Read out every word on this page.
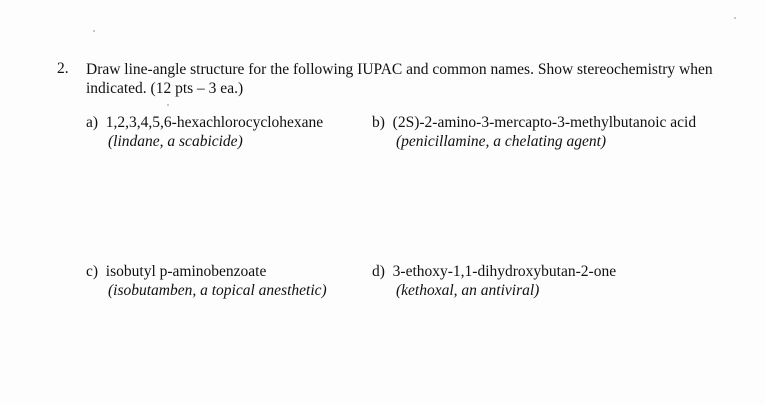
2. Draw line-angle structure for the following IUPAC and common names. Show stereochemistry when indicated. (12 pts – 3 ea.)
a) 1,2,3,4,5,6-hexachlorocyclohexane
(lindane, a scabicide)
b) (2S)-2-amino-3-mercapto-3-methylbutanoic acid
(penicillamine, a chelating agent)
c) isobutyl p-aminobenzoate
(isobutamben, a topical anesthetic)
d) 3-ethoxy-1,1-dihydroxybutan-2-one
(kethoxal, an antiviral)
